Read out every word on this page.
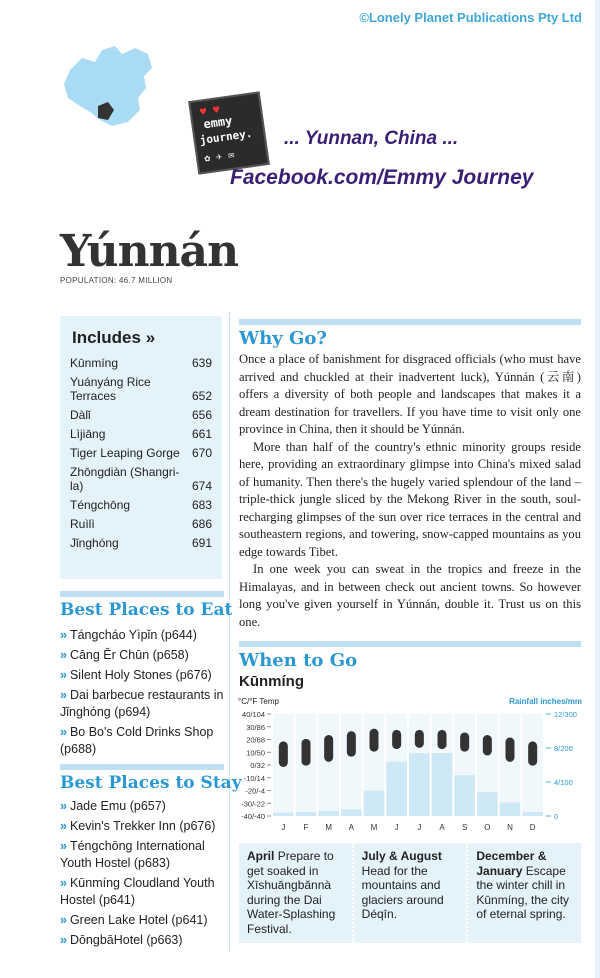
©Lonely Planet Publications Pty Ltd
emmy
journey.
♥ ♥
✿ ✈ ✉
... Yunnan, China ...
Facebook.com/Emmy Journey
Yúnnán
POPULATION: 46.7 MILLION
Includes »
Kūnmíng	639
Yuányáng Rice Terraces	652
Dàlǐ	656
Lìjiāng	661
Tiger Leaping Gorge	670
Zhōngdiàn (Shangri-la)	674
Téngchōng	683
Ruìlì	686
Jǐnghóng	691
Best Places to Eat
» Tángcháo Yìpǐn (p644)
» Cāng Ěr Chūn (p658)
» Silent Holy Stones (p676)
» Dai barbecue restaurants in Jǐnghóng (p694)
» Bo Bo's Cold Drinks Shop (p688)
Best Places to Stay
» Jade Emu (p657)
» Kevin's Trekker Inn (p676)
» Téngchōng International Youth Hostel (p683)
» Kūnmíng Cloudland Youth Hostel (p641)
» Green Lake Hotel (p641)
» DōngbāHotel (p663)
Why Go?

Once a place of banishment for disgraced officials (who must have arrived and chuckled at their inadvertent luck), Yúnnán (云南) offers a diversity of both people and landscapes that makes it a dream destination for travellers. If you have time to visit only one province in China, then it should be Yúnnán.

More than half of the country's ethnic minority groups reside here, providing an extraordinary glimpse into China's mixed salad of humanity. Then there's the hugely varied splendour of the land – triple-thick jungle sliced by the Mekong River in the south, soul-recharging glimpses of the sun over rice terraces in the central and southeastern regions, and towering, snow-capped mountains as you edge towards Tibet.

In one week you can sweat in the tropics and freeze in the Himalayas, and in between check out ancient towns. So however long you've given yourself in Yúnnán, double it. Trust us on this one.

When to Go
Kūnmíng
°C/°F Temp	Rainfall inches/mm
40/104
30/86
20/68
10/50
0/32
-10/14
-20/-4
-30/-22
-40/-40
12/300
8/200
4/100
0
J F M A M J J A S O N D
April Prepare to get soaked in Xīshuāngbǎnnà during the Dai Water-Splashing Festival.
July & August Head for the mountains and glaciers around Déqīn.
December & January Escape the winter chill in Kūnmíng, the city of eternal spring.
